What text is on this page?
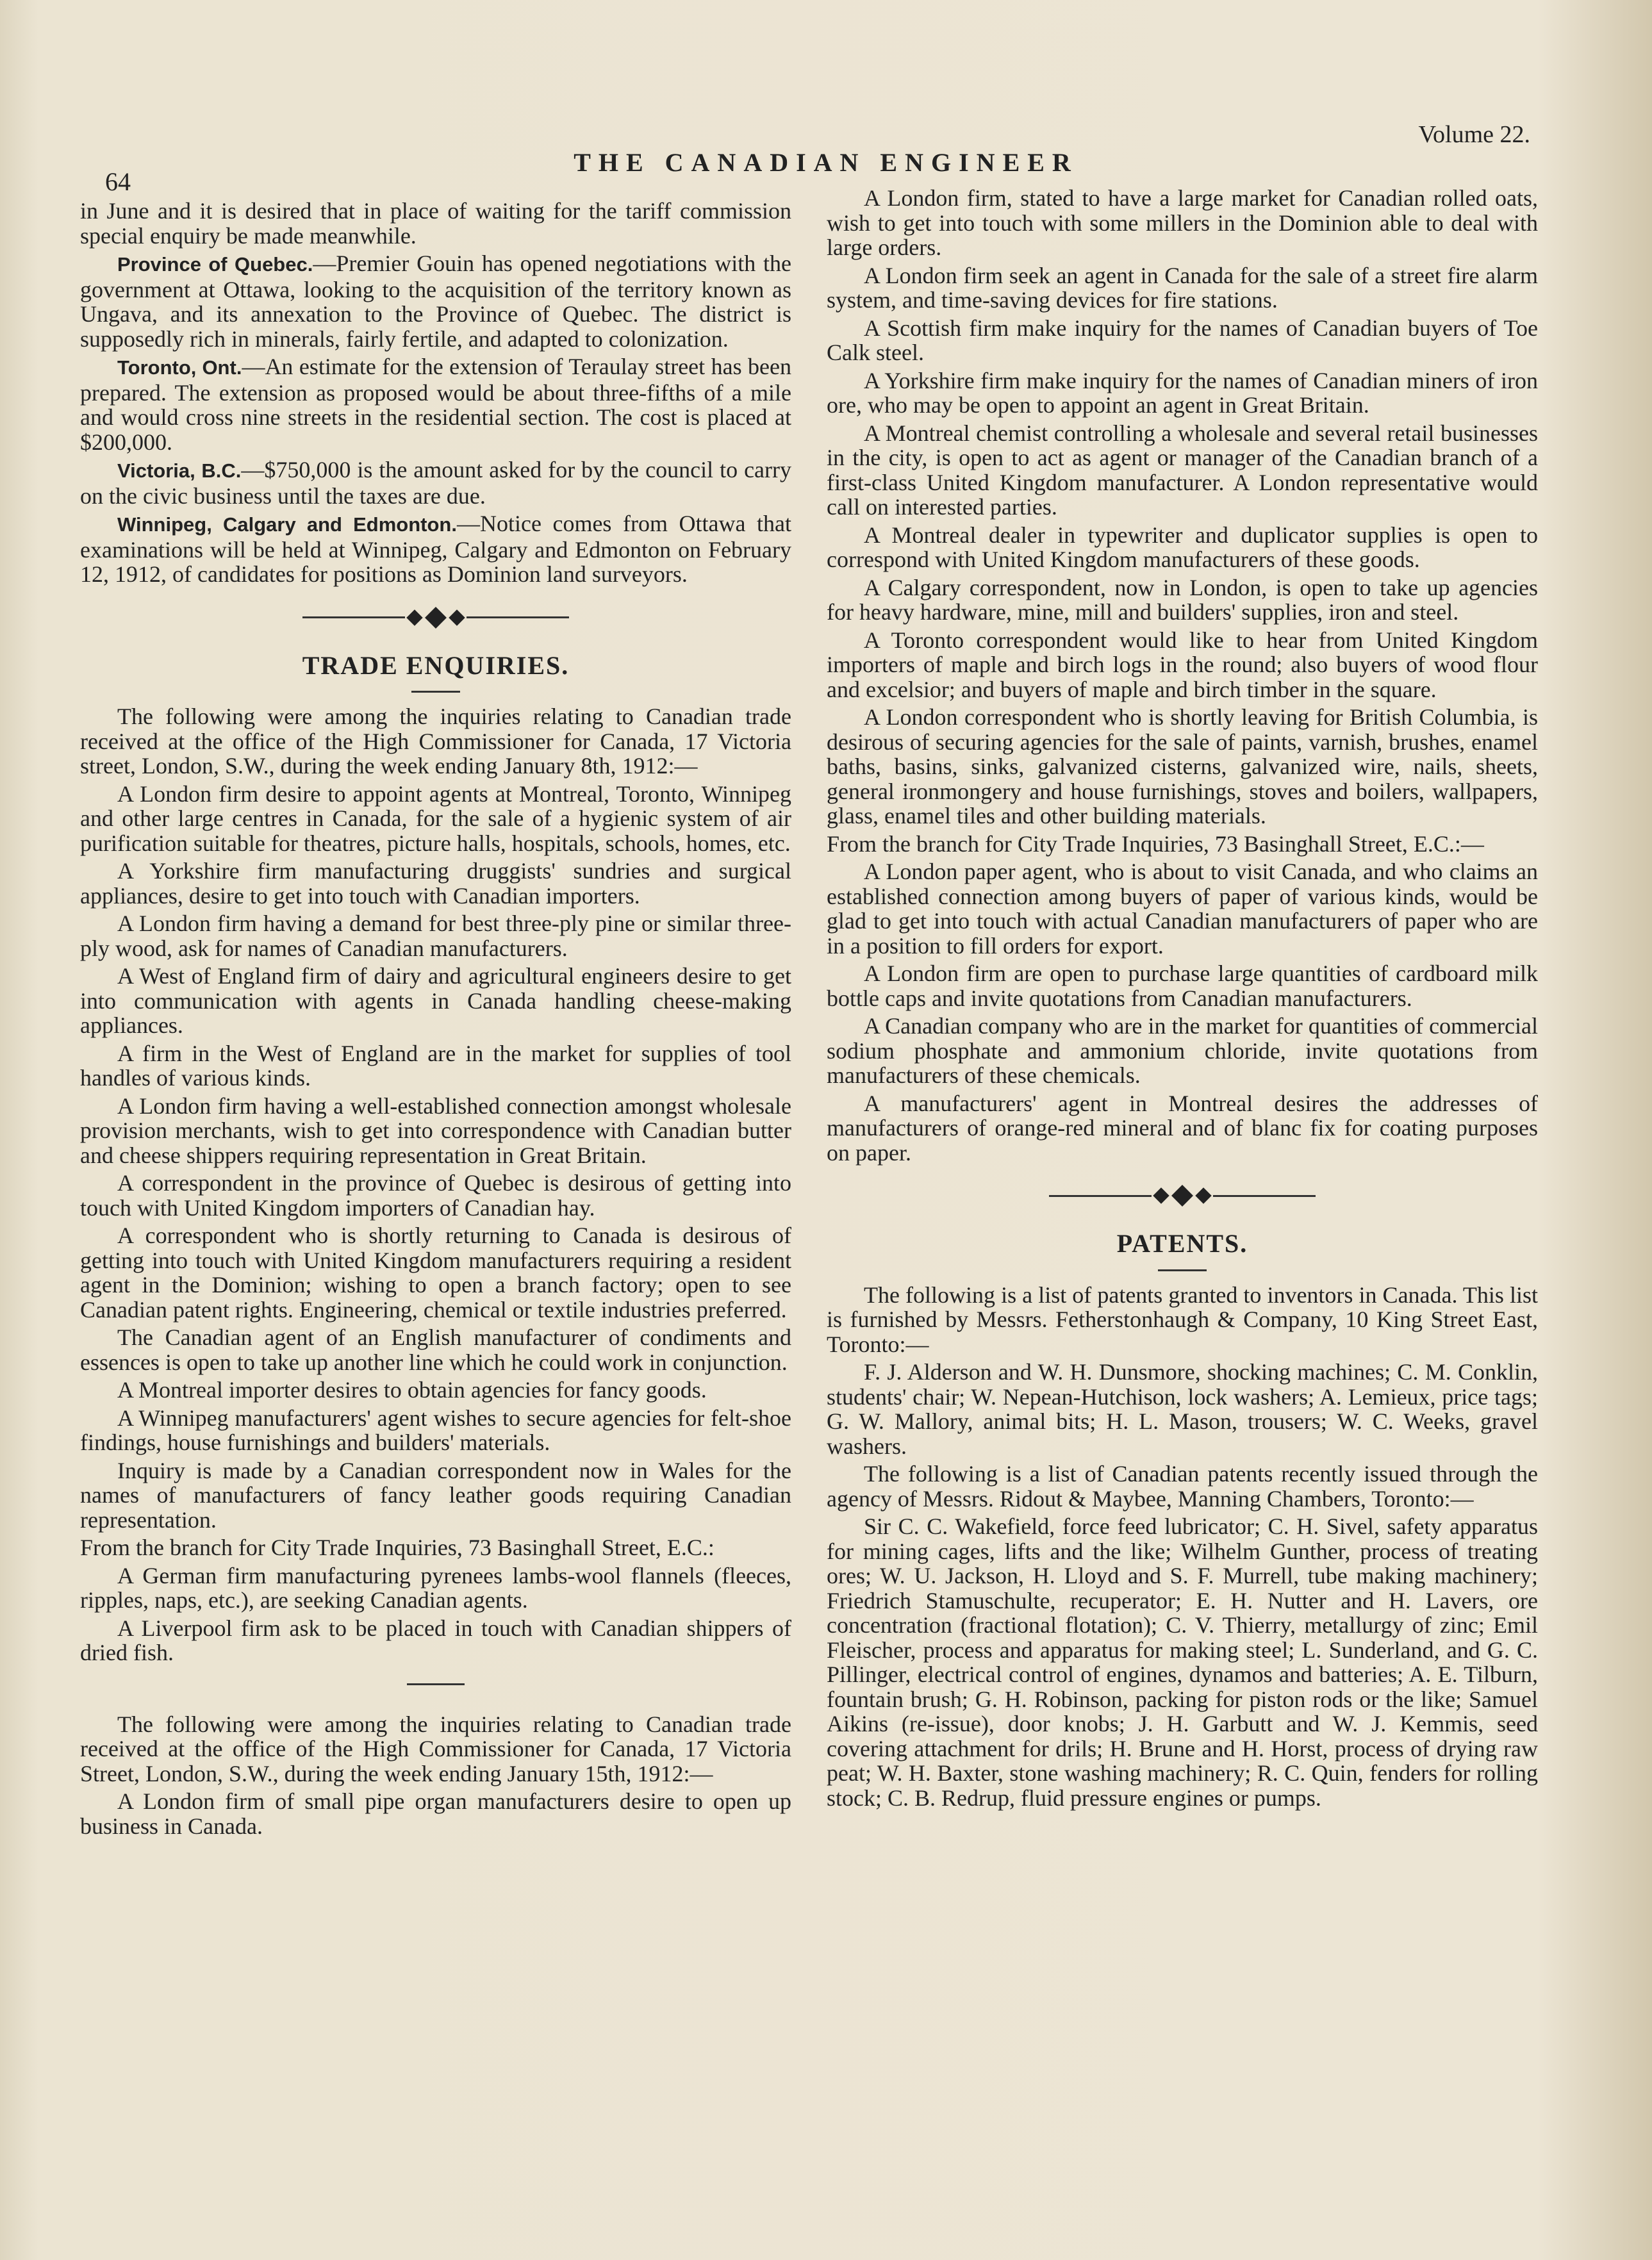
64
THE CANADIAN ENGINEER
Volume 22.

in June and it is desired that in place of waiting for the tariff commission special enquiry be made meanwhile.

Province of Quebec.—Premier Gouin has opened negotiations with the government at Ottawa, looking to the acquisition of the territory known as Ungava, and its annexation to the Province of Quebec. The district is supposedly rich in minerals, fairly fertile, and adapted to colonization.

Toronto, Ont.—An estimate for the extension of Teraulay street has been prepared. The extension as proposed would be about three-fifths of a mile and would cross nine streets in the residential section. The cost is placed at $200,000.

Victoria, B.C.—$750,000 is the amount asked for by the council to carry on the civic business until the taxes are due.

Winnipeg, Calgary and Edmonton.—Notice comes from Ottawa that examinations will be held at Winnipeg, Calgary and Edmonton on February 12, 1912, of candidates for positions as Dominion land surveyors.

TRADE ENQUIRIES.

The following were among the inquiries relating to Canadian trade received at the office of the High Commissioner for Canada, 17 Victoria street, London, S.W., during the week ending January 8th, 1912:—

A London firm desire to appoint agents at Montreal, Toronto, Winnipeg and other large centres in Canada, for the sale of a hygienic system of air purification suitable for theatres, picture halls, hospitals, schools, homes, etc.

A Yorkshire firm manufacturing druggists' sundries and surgical appliances, desire to get into touch with Canadian importers.

A London firm having a demand for best three-ply pine or similar three-ply wood, ask for names of Canadian manufacturers.

A West of England firm of dairy and agricultural engineers desire to get into communication with agents in Canada handling cheese-making appliances.

A firm in the West of England are in the market for supplies of tool handles of various kinds.

A London firm having a well-established connection amongst wholesale provision merchants, wish to get into correspondence with Canadian butter and cheese shippers requiring representation in Great Britain.

A correspondent in the province of Quebec is desirous of getting into touch with United Kingdom importers of Canadian hay.

A correspondent who is shortly returning to Canada is desirous of getting into touch with United Kingdom manufacturers requiring a resident agent in the Dominion; wishing to open a branch factory; open to see Canadian patent rights. Engineering, chemical or textile industries preferred.

The Canadian agent of an English manufacturer of condiments and essences is open to take up another line which he could work in conjunction.

A Montreal importer desires to obtain agencies for fancy goods.

A Winnipeg manufacturers' agent wishes to secure agencies for felt-shoe findings, house furnishings and builders' materials.

Inquiry is made by a Canadian correspondent now in Wales for the names of manufacturers of fancy leather goods requiring Canadian representation.

From the branch for City Trade Inquiries, 73 Basinghall Street, E.C.:

A German firm manufacturing pyrenees lambs-wool flannels (fleeces, ripples, naps, etc.), are seeking Canadian agents.

A Liverpool firm ask to be placed in touch with Canadian shippers of dried fish.

The following were among the inquiries relating to Canadian trade received at the office of the High Commissioner for Canada, 17 Victoria Street, London, S.W., during the week ending January 15th, 1912:—

A London firm of small pipe organ manufacturers desire to open up business in Canada.

A London firm, stated to have a large market for Canadian rolled oats, wish to get into touch with some millers in the Dominion able to deal with large orders.

A London firm seek an agent in Canada for the sale of a street fire alarm system, and time-saving devices for fire stations.

A Scottish firm make inquiry for the names of Canadian buyers of Toe Calk steel.

A Yorkshire firm make inquiry for the names of Canadian miners of iron ore, who may be open to appoint an agent in Great Britain.

A Montreal chemist controlling a wholesale and several retail businesses in the city, is open to act as agent or manager of the Canadian branch of a first-class United Kingdom manufacturer. A London representative would call on interested parties.

A Montreal dealer in typewriter and duplicator supplies is open to correspond with United Kingdom manufacturers of these goods.

A Calgary correspondent, now in London, is open to take up agencies for heavy hardware, mine, mill and builders' supplies, iron and steel.

A Toronto correspondent would like to hear from United Kingdom importers of maple and birch logs in the round; also buyers of wood flour and excelsior; and buyers of maple and birch timber in the square.

A London correspondent who is shortly leaving for British Columbia, is desirous of securing agencies for the sale of paints, varnish, brushes, enamel baths, basins, sinks, galvanized cisterns, galvanized wire, nails, sheets, general ironmongery and house furnishings, stoves and boilers, wallpapers, glass, enamel tiles and other building materials.

From the branch for City Trade Inquiries, 73 Basinghall Street, E.C.:—

A London paper agent, who is about to visit Canada, and who claims an established connection among buyers of paper of various kinds, would be glad to get into touch with actual Canadian manufacturers of paper who are in a position to fill orders for export.

A London firm are open to purchase large quantities of cardboard milk bottle caps and invite quotations from Canadian manufacturers.

A Canadian company who are in the market for quantities of commercial sodium phosphate and ammonium chloride, invite quotations from manufacturers of these chemicals.

A manufacturers' agent in Montreal desires the addresses of manufacturers of orange-red mineral and of blanc fix for coating purposes on paper.

PATENTS.

The following is a list of patents granted to inventors in Canada. This list is furnished by Messrs. Fetherstonhaugh & Company, 10 King Street East, Toronto:—

F. J. Alderson and W. H. Dunsmore, shocking machines; C. M. Conklin, students' chair; W. Nepean-Hutchison, lock washers; A. Lemieux, price tags; G. W. Mallory, animal bits; H. L. Mason, trousers; W. C. Weeks, gravel washers.

The following is a list of Canadian patents recently issued through the agency of Messrs. Ridout & Maybee, Manning Chambers, Toronto:—

Sir C. C. Wakefield, force feed lubricator; C. H. Sivel, safety apparatus for mining cages, lifts and the like; Wilhelm Gunther, process of treating ores; W. U. Jackson, H. Lloyd and S. F. Murrell, tube making machinery; Friedrich Stamuschulte, recuperator; E. H. Nutter and H. Lavers, ore concentration (fractional flotation); C. V. Thierry, metallurgy of zinc; Emil Fleischer, process and apparatus for making steel; L. Sunderland, and G. C. Pillinger, electrical control of engines, dynamos and batteries; A. E. Tilburn, fountain brush; G. H. Robinson, packing for piston rods or the like; Samuel Aikins (re-issue), door knobs; J. H. Garbutt and W. J. Kemmis, seed covering attachment for drils; H. Brune and H. Horst, process of drying raw peat; W. H. Baxter, stone washing machinery; R. C. Quin, fenders for rolling stock; C. B. Redrup, fluid pressure engines or pumps.
